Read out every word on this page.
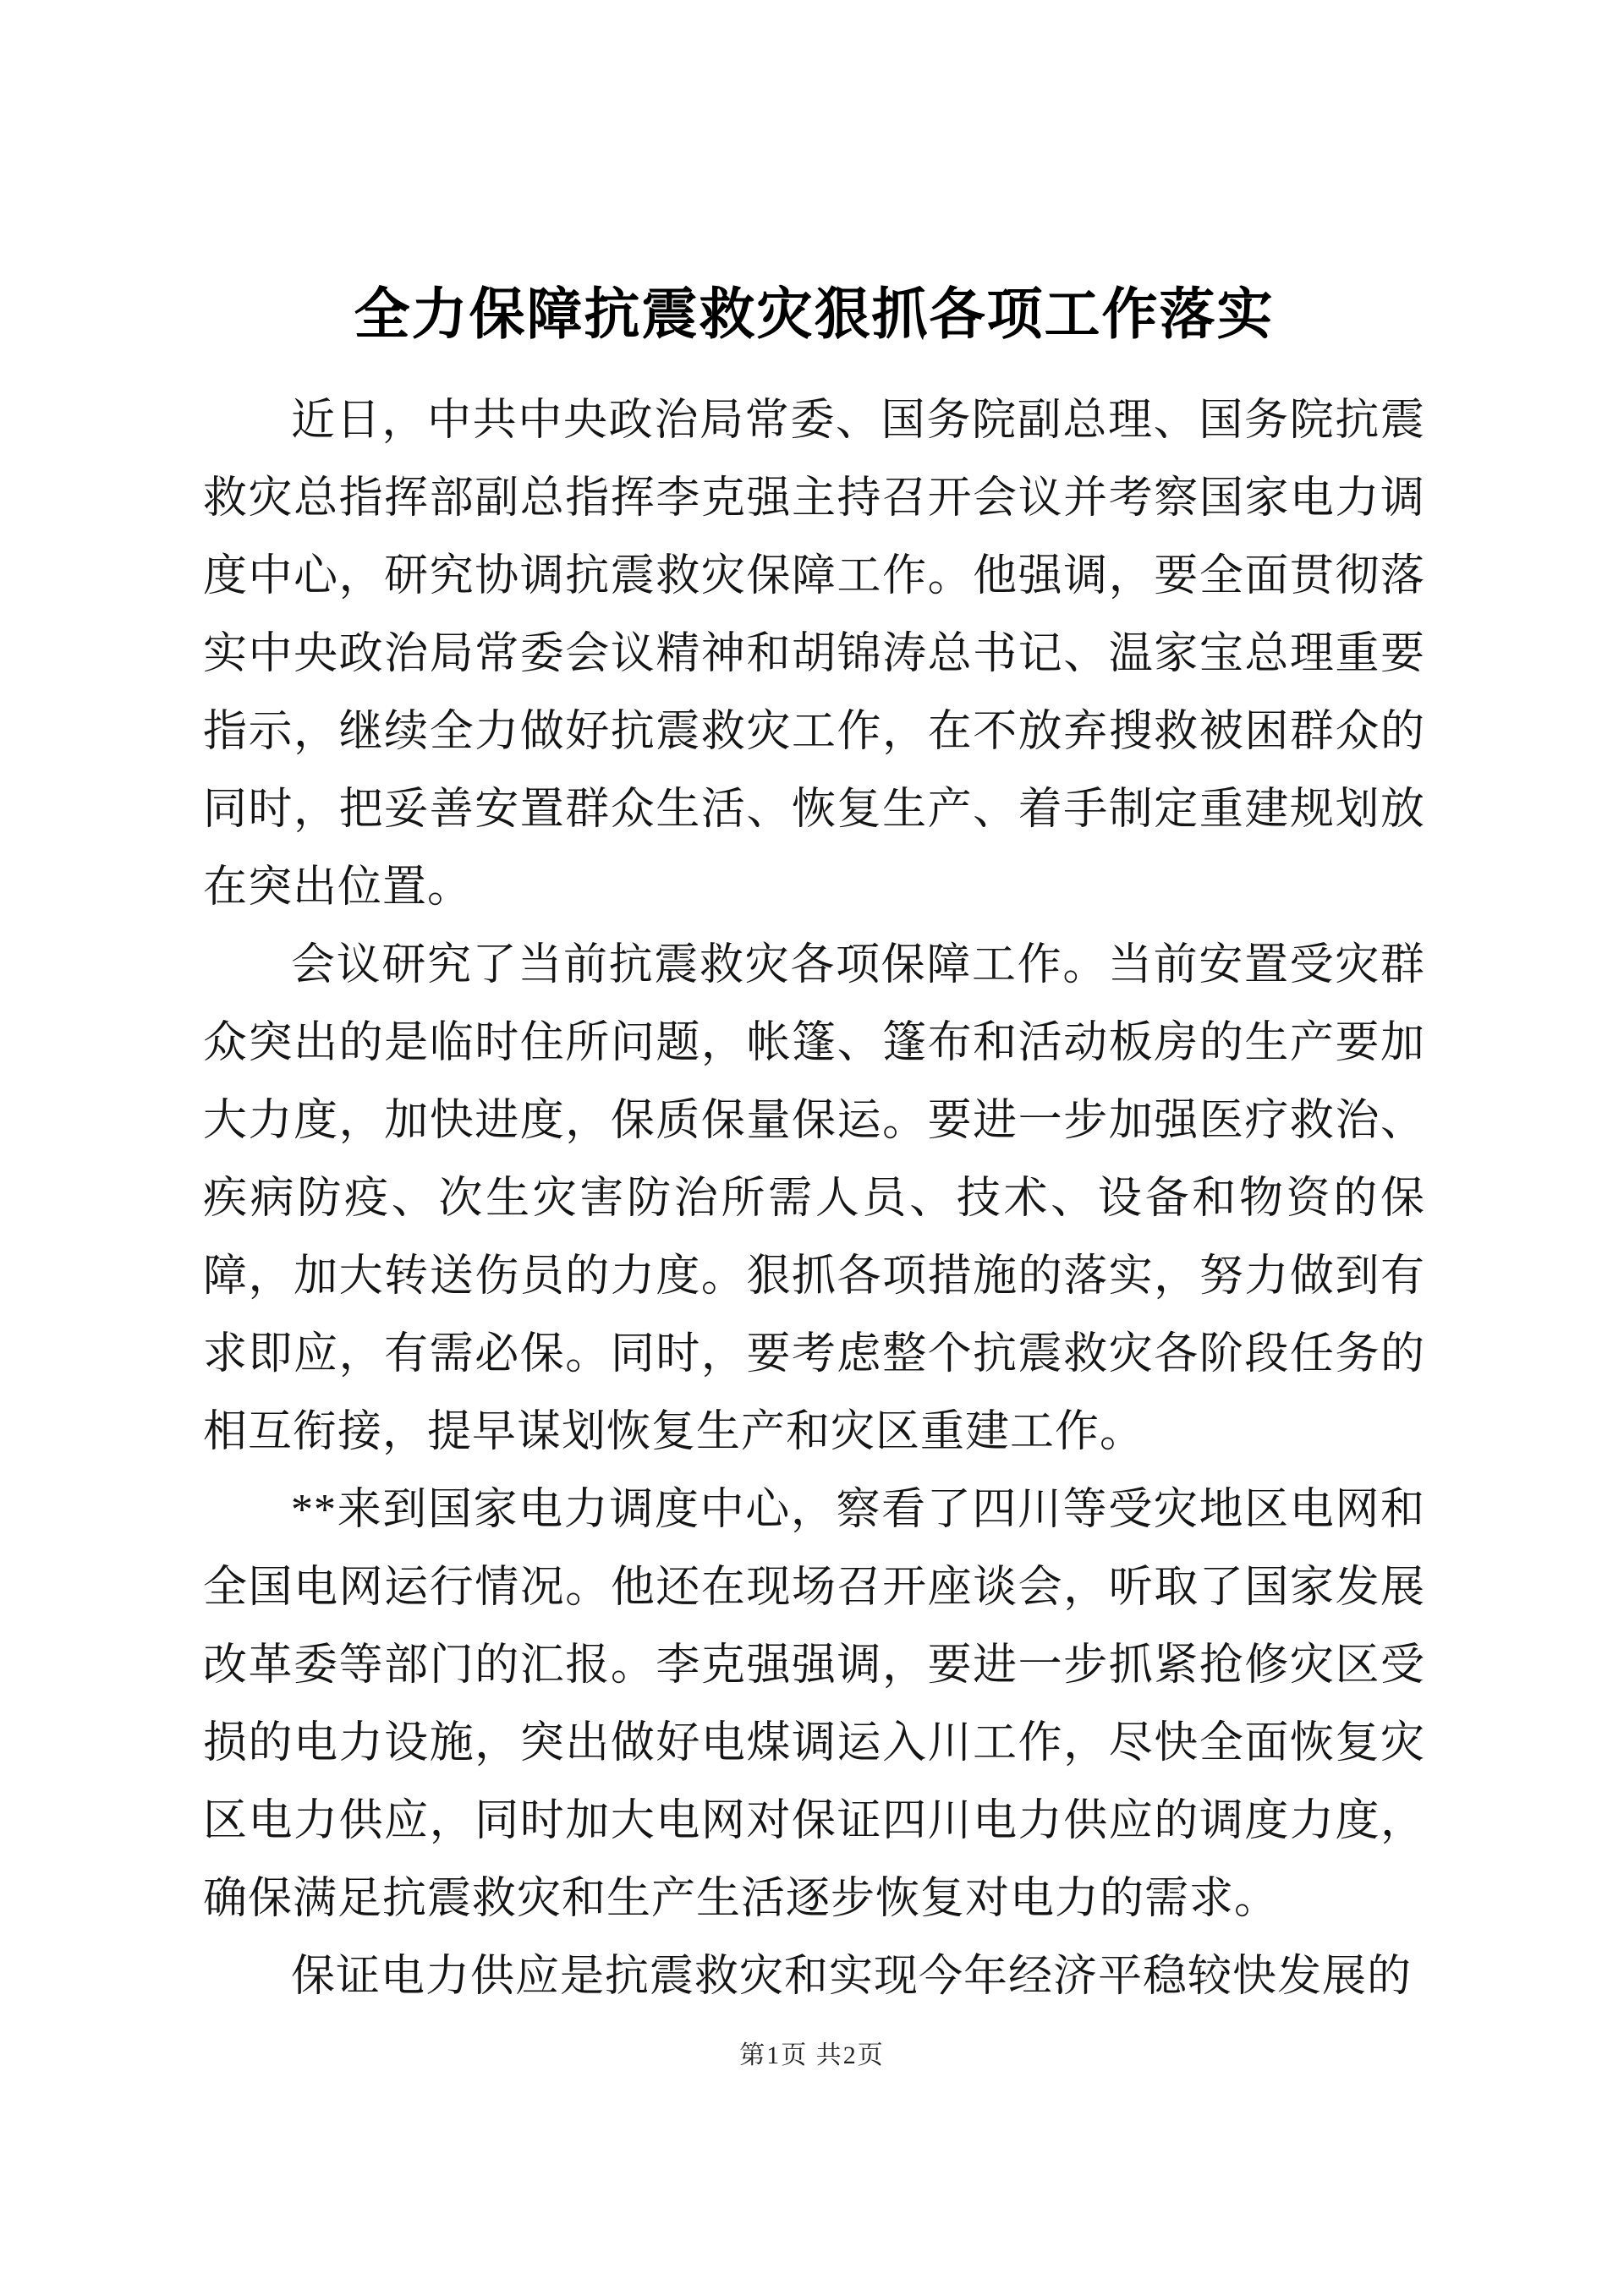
全力保障抗震救灾狠抓各项工作落实

近日，中共中央政治局常委、国务院副总理、国务院抗震救灾总指挥部副总指挥李克强主持召开会议并考察国家电力调度中心，研究协调抗震救灾保障工作。他强调，要全面贯彻落实中央政治局常委会议精神和胡锦涛总书记、温家宝总理重要指示，继续全力做好抗震救灾工作，在不放弃搜救被困群众的同时，把妥善安置群众生活、恢复生产、着手制定重建规划放在突出位置。

会议研究了当前抗震救灾各项保障工作。当前安置受灾群众突出的是临时住所问题，帐篷、篷布和活动板房的生产要加大力度，加快进度，保质保量保运。要进一步加强医疗救治、疾病防疫、次生灾害防治所需人员、技术、设备和物资的保障，加大转送伤员的力度。狠抓各项措施的落实，努力做到有求即应，有需必保。同时，要考虑整个抗震救灾各阶段任务的相互衔接，提早谋划恢复生产和灾区重建工作。

**来到国家电力调度中心，察看了四川等受灾地区电网和全国电网运行情况。他还在现场召开座谈会，听取了国家发展改革委等部门的汇报。李克强强调，要进一步抓紧抢修灾区受损的电力设施，突出做好电煤调运入川工作，尽快全面恢复灾区电力供应，同时加大电网对保证四川电力供应的调度力度，确保满足抗震救灾和生产生活逐步恢复对电力的需求。

保证电力供应是抗震救灾和实现今年经济平稳较快发展的

第1页 共2页
